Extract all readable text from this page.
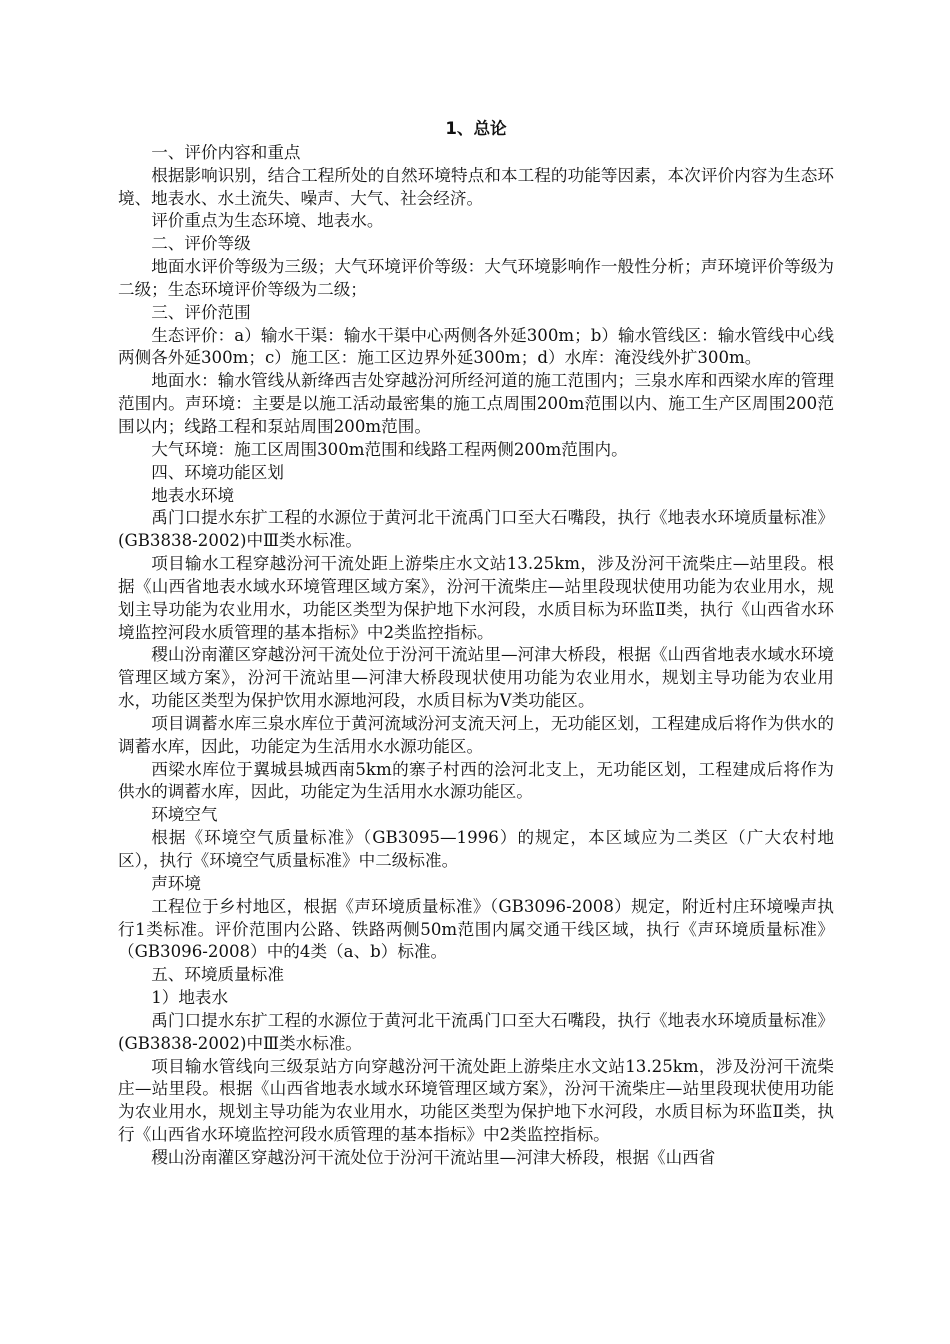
1、总论

一、评价内容和重点

根据影响识别，结合工程所处的自然环境特点和本工程的功能等因素，本次评价内容为生态环境、地表水、水土流失、噪声、大气、社会经济。

评价重点为生态环境、地表水。

二、评价等级

地面水评价等级为三级；大气环境评价等级：大气环境影响作一般性分析；声环境评价等级为二级；生态环境评价等级为二级；

三、评价范围

生态评价：a）输水干渠：输水干渠中心两侧各外延300m；b）输水管线区：输水管线中心线两侧各外延300m；c）施工区：施工区边界外延300m；d）水库：淹没线外扩300m。

地面水：输水管线从新绛西吉处穿越汾河所经河道的施工范围内；三泉水库和西梁水库的管理范围内。声环境：主要是以施工活动最密集的施工点周围200m范围以内、施工生产区周围200范围以内；线路工程和泵站周围200m范围。

大气环境：施工区周围300m范围和线路工程两侧200m范围内。

四、环境功能区划

地表水环境

禹门口提水东扩工程的水源位于黄河北干流禹门口至大石嘴段，执行《地表水环境质量标准》(GB3838-2002)中Ⅲ类水标准。

项目输水工程穿越汾河干流处距上游柴庄水文站13.25km，涉及汾河干流柴庄—站里段。根据《山西省地表水域水环境管理区域方案》，汾河干流柴庄—站里段现状使用功能为农业用水，规划主导功能为农业用水，功能区类型为保护地下水河段，水质目标为环监Ⅱ类，执行《山西省水环境监控河段水质管理的基本指标》中2类监控指标。

稷山汾南灌区穿越汾河干流处位于汾河干流站里—河津大桥段，根据《山西省地表水域水环境管理区域方案》，汾河干流站里—河津大桥段现状使用功能为农业用水，规划主导功能为农业用水，功能区类型为保护饮用水源地河段，水质目标为Ⅴ类功能区。

项目调蓄水库三泉水库位于黄河流域汾河支流天河上，无功能区划，工程建成后将作为供水的调蓄水库，因此，功能定为生活用水水源功能区。

西梁水库位于翼城县城西南5km的寨子村西的浍河北支上，无功能区划，工程建成后将作为供水的调蓄水库，因此，功能定为生活用水水源功能区。

环境空气

根据《环境空气质量标准》（GB3095—1996）的规定，本区域应为二类区（广大农村地区），执行《环境空气质量标准》中二级标准。

声环境

工程位于乡村地区，根据《声环境质量标准》（GB3096-2008）规定，附近村庄环境噪声执行1类标准。评价范围内公路、铁路两侧50m范围内属交通干线区域，执行《声环境质量标准》（GB3096-2008）中的4类（a、b）标准。

五、环境质量标准

1）地表水

禹门口提水东扩工程的水源位于黄河北干流禹门口至大石嘴段，执行《地表水环境质量标准》(GB3838-2002)中Ⅲ类水标准。

项目输水管线向三级泵站方向穿越汾河干流处距上游柴庄水文站13.25km，涉及汾河干流柴庄—站里段。根据《山西省地表水域水环境管理区域方案》，汾河干流柴庄—站里段现状使用功能为农业用水，规划主导功能为农业用水，功能区类型为保护地下水河段，水质目标为环监Ⅱ类，执行《山西省水环境监控河段水质管理的基本指标》中2类监控指标。

稷山汾南灌区穿越汾河干流处位于汾河干流站里—河津大桥段，根据《山西省
